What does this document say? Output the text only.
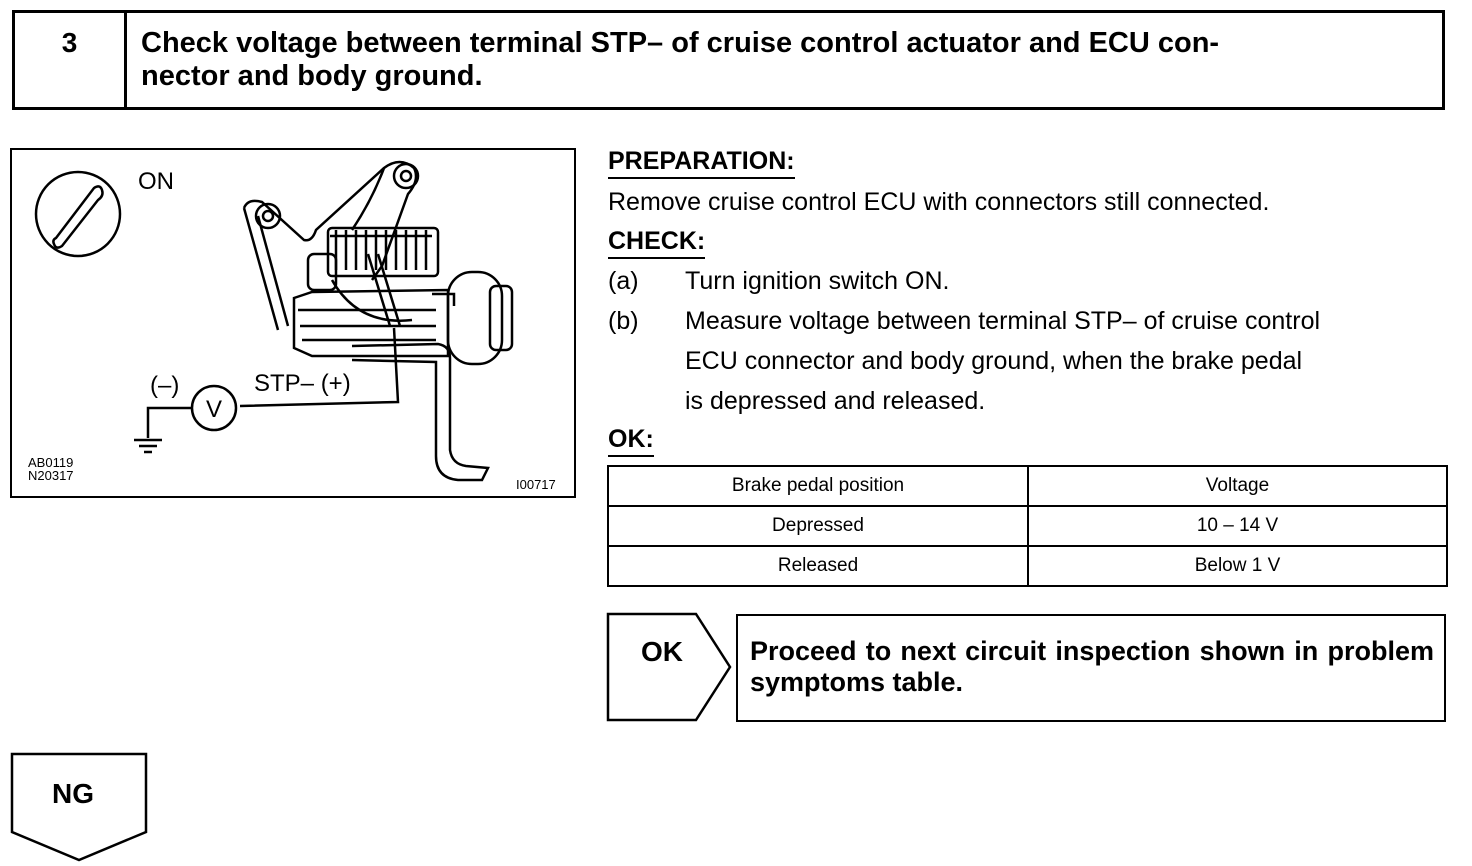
3	Check voltage between terminal STP– of cruise control actuator and ECU con-
nector and body ground.
V
ON
(–)	STP– (+)
AB0119
N20317
I00717
PREPARATION:
Remove cruise control ECU with connectors still connected.
CHECK:
(a) Turn ignition switch ON.
(b) Measure voltage between terminal STP– of cruise control
ECU connector and body ground, when the brake pedal
is depressed and released.
OK:
Brake pedal position	Voltage
Depressed	10 – 14 V
Released	Below 1 V
OK Proceed to next circuit inspection shown in problem symptoms table.
NG
